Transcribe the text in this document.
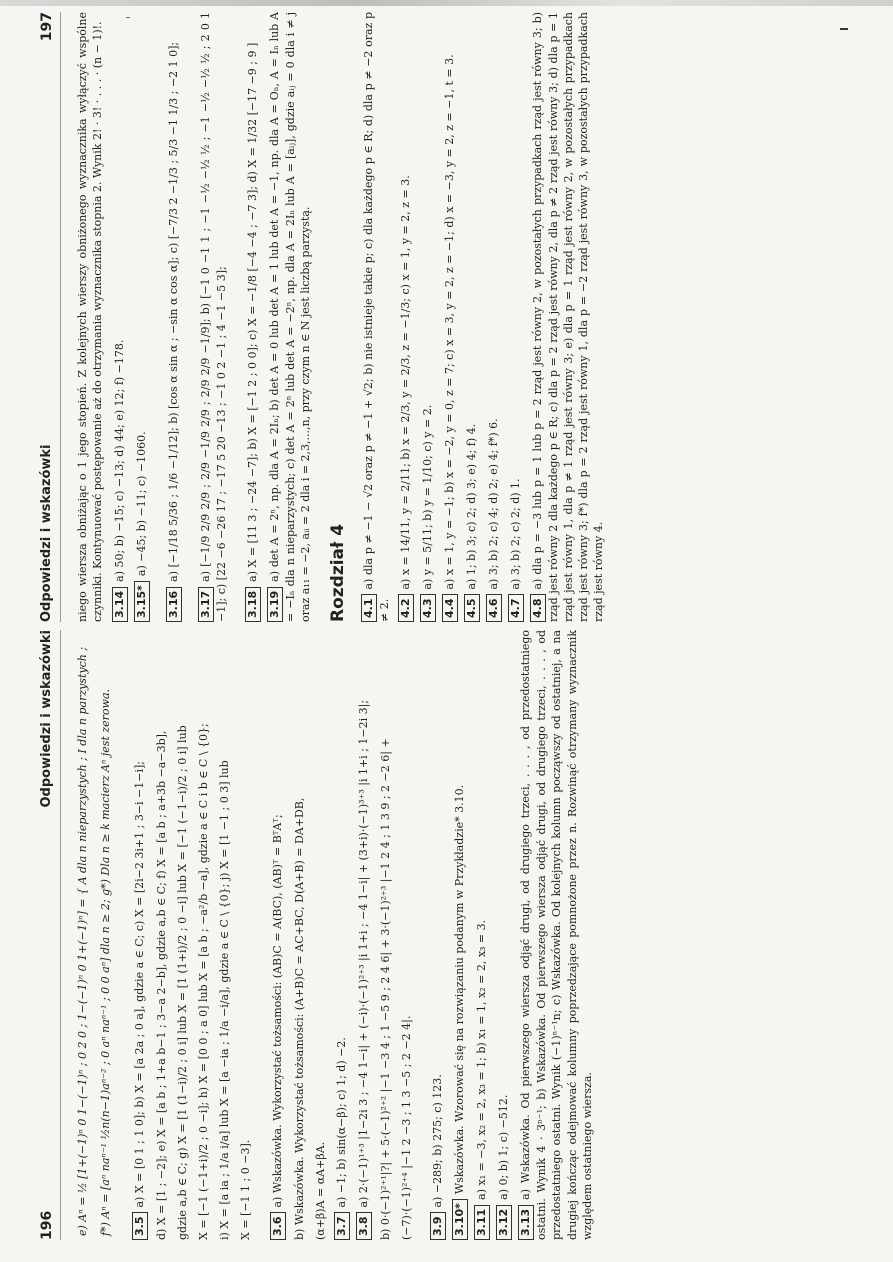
-
196
Odpowiedzi i wskazówki	e) Aⁿ = ½ [1+(−1)ⁿ 0 1−(−1)ⁿ ; 0 2 0 ; 1−(−1)ⁿ 0 1+(−1)ⁿ] = { A dla n nieparzystych ; I dla n parzystych ; f*) Aⁿ = [aⁿ naⁿ⁻¹ ½n(n−1)aⁿ⁻² ; 0 aⁿ naⁿ⁻¹ ; 0 0 aⁿ] dla n ≥ 2; g*) Dla n ≥ k macierz Aⁿ jest zerowa. 3.5a) X = [0 1 ; 1 0]; b) X = [a 2a ; 0 a], gdzie a ∈ C; c) X = [2i−2 3i+1 ; 3−i −1−i]; d) X = [1 ; −2]; e) X = [a b ; 1+a b−1 ; 3−a 2−b], gdzie a,b ∈ C; f) X = [a b ; a+3b −a−3b], gdzie a,b ∈ C; g) X = [1 (1−i)/2 ; 0 i] lub X = [1 (1+i)/2 ; 0 −i] lub X = [−1 (−1−i)/2 ; 0 i] lub X = [−1 (−1+i)/2 ; 0 −i]; h) X = [0 0 ; a 0] lub X = [a b ; −a²/b −a], gdzie a ∈ C i b ∈ C \ {0}; i) X = [a ia ; 1/a i/a] lub X = [a −ia ; 1/a −i/a], gdzie a ∈ C \ {0}; j) X = [1 −1 ; 0 3] lub X = [−1 1 ; 0 −3]. 3.6a) Wskazówka. Wykorzystać tożsamości: (AB)C = A(BC), (AB)ᵀ = BᵀAᵀ; b) Wskazówka. Wykorzystać tożsamości: (A+B)C = AC+BC, D(A+B) = DA+DB, (α+β)A = αA+βA. 3.7a) −1; b) sin(α−β); c) 1; d) −2.
3.8a) 2·(−1)¹⁺³ |1−2i 3 ; −4 1−i| + (−i)·(−1)²⁺³ |i 1+i ; −4 1−i| + (3+i)·(−1)³⁺³ |i 1+i ; 1−2i 3|; b) 0·(−1)²⁺¹|?| + 5·(−1)²⁺² |−1 −3 4 ; 1 −5 9 ; 2 4 6| + 3·(−1)²⁺³ |−1 2 4 ; 1 3 9 ; 2 −2 6| + (−7)·(−1)²⁺⁴ |−1 2 −3 ; 1 3 −5 ; 2 −2 4|. 3.9a) −289; b) 275; c) 123.
3.10*Wskazówka. Wzorować się na rozwiązaniu podanym w Przykładzie* 3.10.
3.11a) x₁ = −3, x₂ = 2, x₃ = 1; b) x₁ = 1, x₂ = 2, x₃ = 3.
3.12a) 0; b) 1; c) −512.
3.13a) Wskazówka. Od pierwszego wiersza odjąć drugi, od drugiego trzeci, . . . , od przedostatniego ostatni. Wynik 4 · 3ⁿ⁻¹; b) Wskazówka. Od pierwszego wiersza odjąć drugi, od drugiego trzeci, . . . , od przedostatniego ostatni. Wynik (−1)ⁿ⁻¹n; c) Wskazówka. Od kolejnych kolumn począwszy od ostatniej, a na drugiej kończąc odejmować kolumny poprzedzające pomnożone przez n. Rozwinąć otrzymany wyznacznik względem ostatniego wiersza.
Odpowiedzi i wskazówki
197 niego wiersza obniżając o 1 jego stopień. Z kolejnych wierszy obniżonego wyznacznika wyłączyć wspólne czynniki. Kontynuować postępowanie aż do otrzymania wyznacznika stopnia 2. Wynik 2! · 3! · . . . · (n − 1)!. 3.14a) 50; b) −15; c) −13; d) 44; e) 12; f) −178.
3.15*a) −45; b) −11; c) −1060.
3.16a) [−1/18 5/36 ; 1/6 −1/12]; b) [cos α sin α ; −sin α cos α]; c) [−7/3 2 −1/3 ; 5/3 −1 1/3 ; −2 1 0];
3.17a) [−1/9 2/9 2/9 ; 2/9 −1/9 2/9 ; 2/9 2/9 −1/9]; b) [−1 0 −1 1 ; −1 −½ −½ ½ ; −1 −½ −½ ½ ; 2 0 1 −1]; c) [22 −6 −26 17 ; −17 5 20 −13 ; −1 0 2 −1 ; 4 −1 −5 3]; 3.18a) X = [11 3 ; −24 −7]; b) X = [−1 2 ; 0 0]; c) X = −1/8 [−4 −4 ; −7 3]; d) X = 1/32 [−17 −9 ; 9 ]
3.19a) det A = 2ⁿ, np. dla A = 2Iₙ; b) det A = 0 lub det A = 1 lub det A = −1, np. dla A = Oₙ, A = Iₙ lub A = −Iₙ dla n nieparzystych; c) det A = 2ⁿ lub det A = −2ⁿ, np. dla A = 2Iₙ lub A = [aᵢⱼ], gdzie aᵢⱼ = 0 dla i ≠ j oraz a₁₁ = −2, aᵢᵢ = 2 dla i = 2,3,...,n, przy czym n ∈ N jest liczbą parzystą. Rozdział 4 4.1a) dla p ≠ −1 − √2 oraz p ≠ −1 + √2; b) nie istnieje takie p; c) dla każdego p ∈ R; d) dla p ≠ −2 oraz p ≠ 2. 4.2a) x = 14/11, y = 2/11; b) x = 2/3, y = 2/3, z = −1/3; c) x = 1, y = 2, z = 3.
4.3a) y = 5/11; b) y = 1/10; c) y = 2.
4.4a) x = 1, y = −1; b) x = −2, y = 0, z = 7; c) x = 3, y = 2, z = −1; d) x = −3, y = 2, z = −1, t = 3.
4.5a) 1; b) 3; c) 2; d) 3; e) 4; f) 4.
4.6a) 3; b) 2; c) 4; d) 2; e) 4; f*) 6.
4.7a) 3; b) 2; c) 2; d) 1.
4.8a) dla p = −3 lub p = 1 lub p = 2 rząd jest równy 2, w pozostałych przypadkach rząd jest równy 3; b) rząd jest równy 2 dla każdego p ∈ R; c) dla p = 2 rząd jest równy 2, dla p ≠ 2 rząd jest równy 3; d) dla p = 1 rząd jest równy 1, dla p ≠ 1 rząd jest równy 3; e) dla p = 1 rząd jest równy 2, w pozostałych przypadkach rząd jest równy 3; f*) dla p = 2 rząd jest równy 1, dla p = −2 rząd jest równy 3, w pozostałych przypadkach rząd jest równy 4.
